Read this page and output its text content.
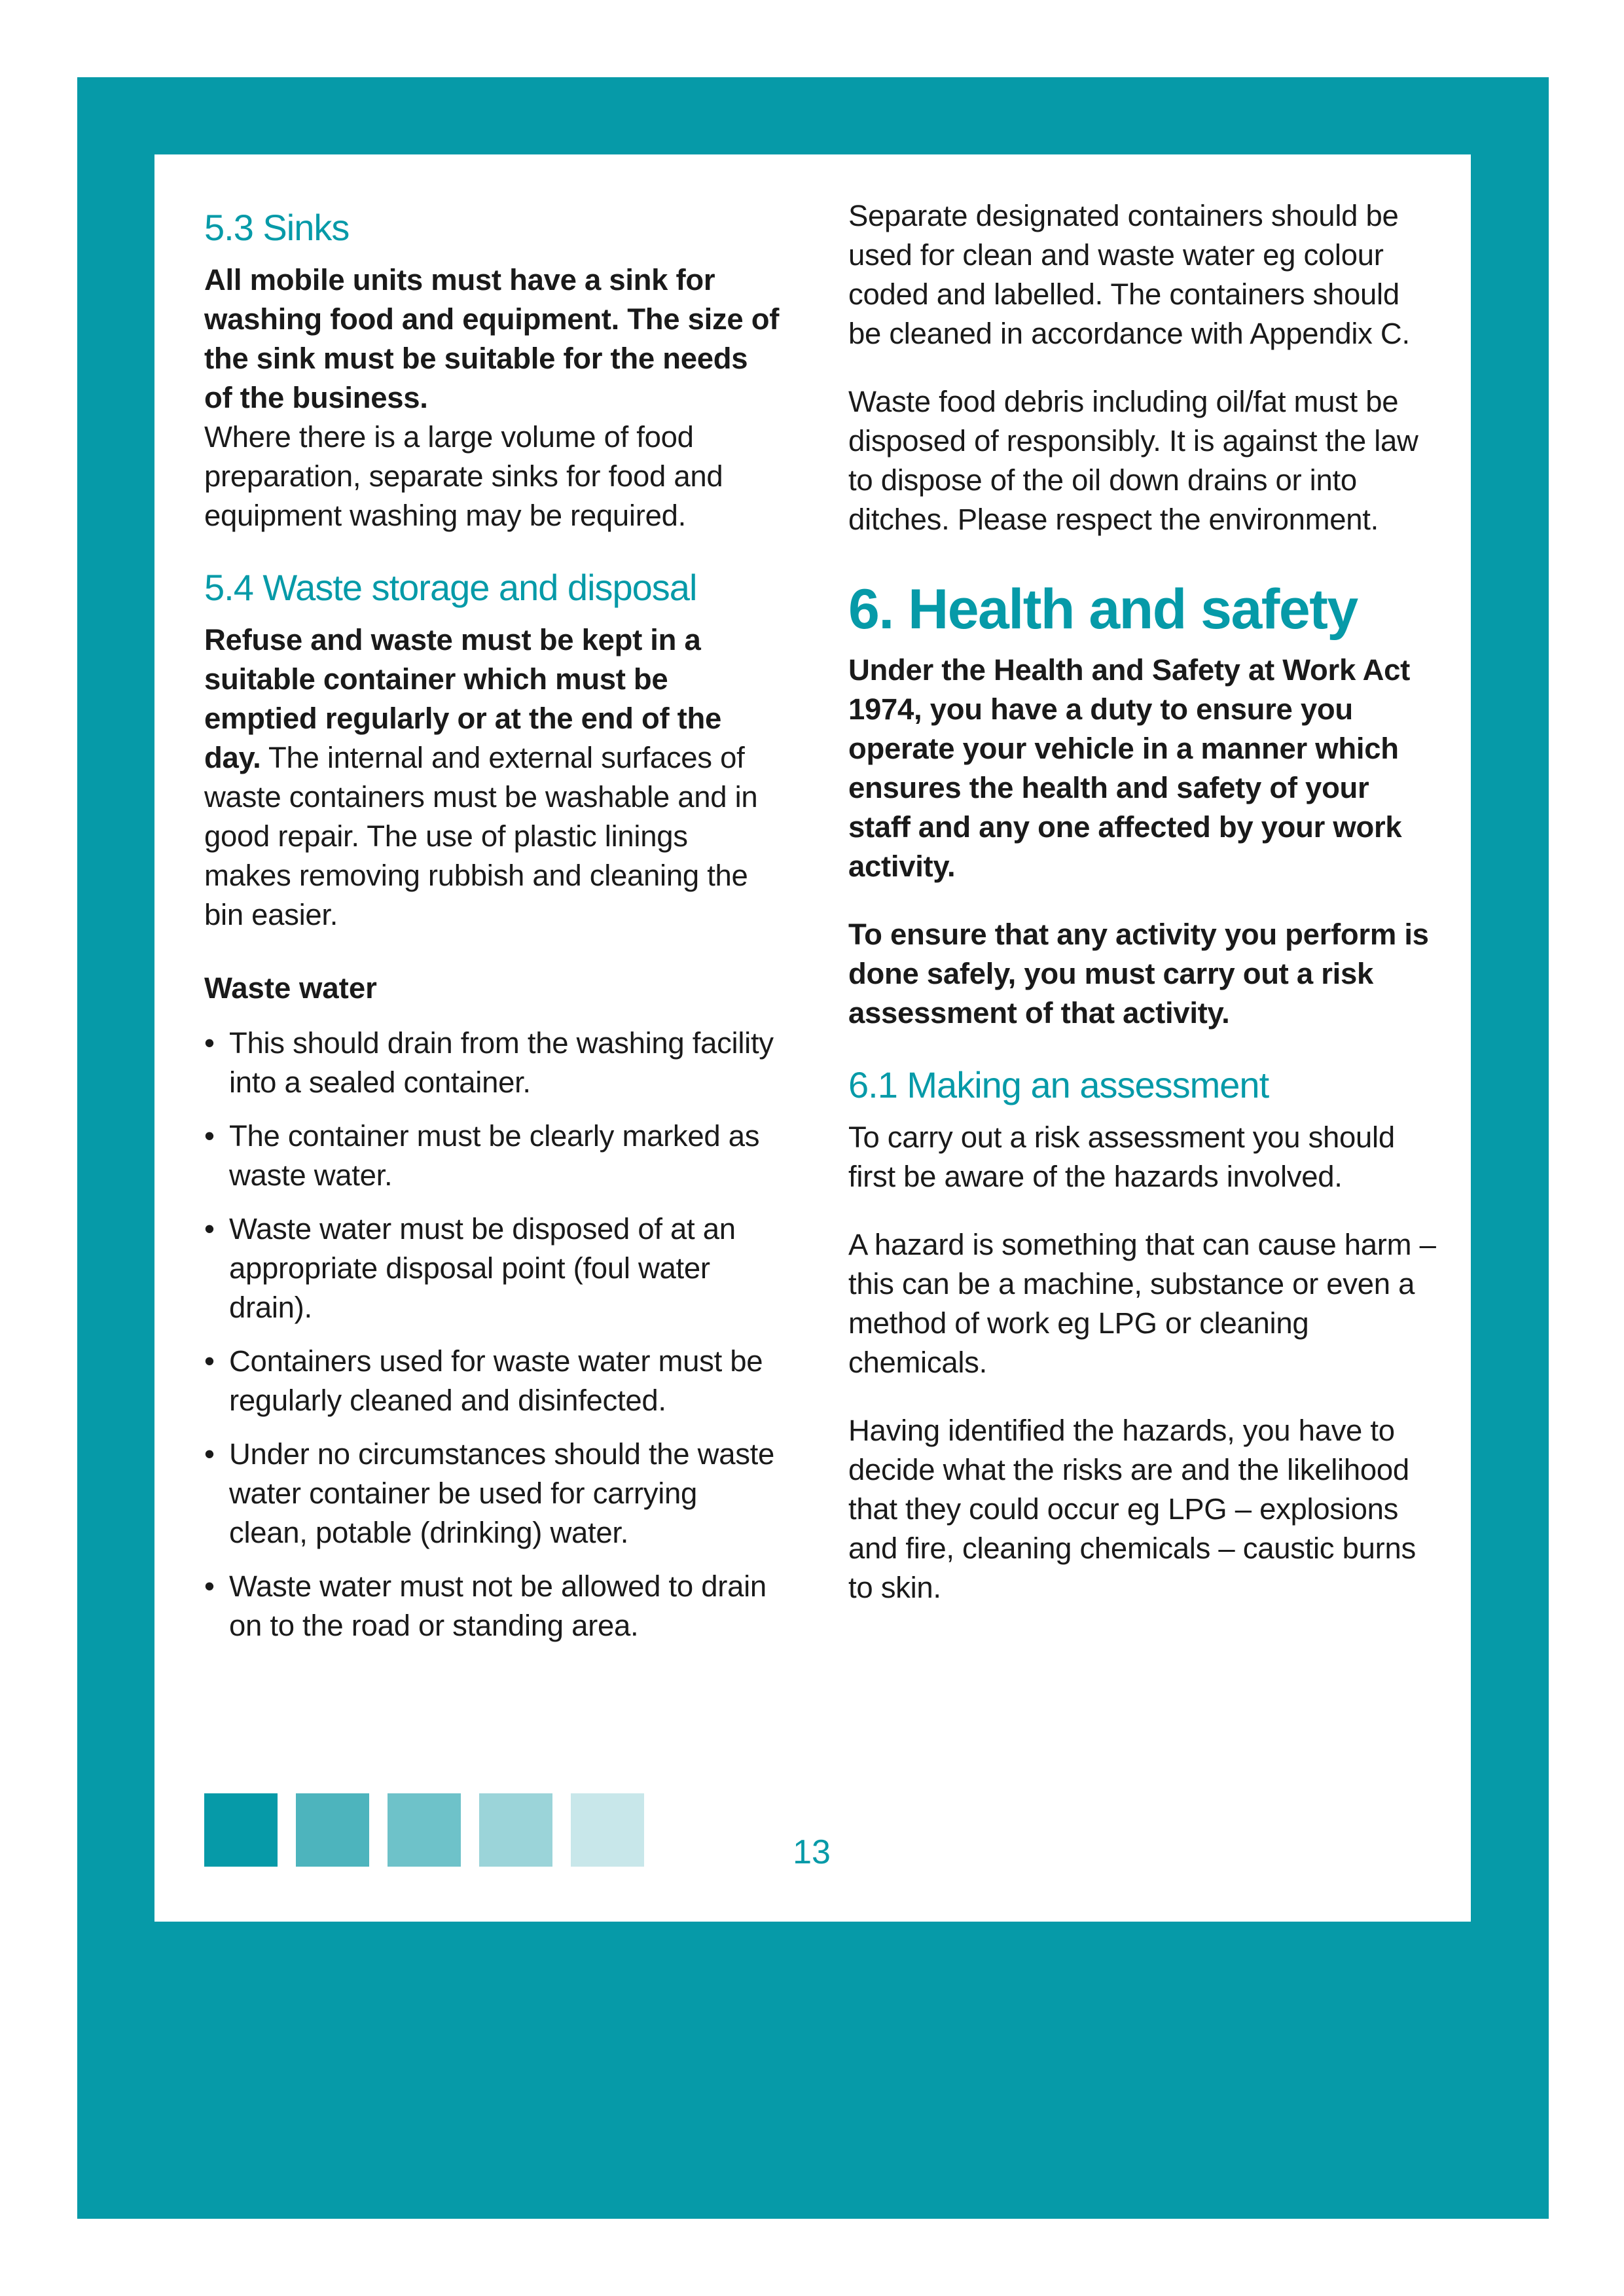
5.3 Sinks

All mobile units must have a sink for washing food and equipment. The size of the sink must be suitable for the needs of the business.
Where there is a large volume of food preparation, separate sinks for food and equipment washing may be required.

5.4 Waste storage and disposal

Refuse and waste must be kept in a suitable container which must be emptied regularly or at the end of the day. The internal and external surfaces of waste containers must be washable and in good repair. The use of plastic linings makes removing rubbish and cleaning the bin easier.

Waste water
• This should drain from the washing facility into a sealed container.
• The container must be clearly marked as waste water.
• Waste water must be disposed of at an appropriate disposal point (foul water drain).
• Containers used for waste water must be regularly cleaned and disinfected.
• Under no circumstances should the waste water container be used for carrying clean, potable (drinking) water.
• Waste water must not be allowed to drain on to the road or standing area.

Separate designated containers should be used for clean and waste water eg colour coded and labelled. The containers should be cleaned in accordance with Appendix C.

Waste food debris including oil/fat must be disposed of responsibly. It is against the law to dispose of the oil down drains or into ditches. Please respect the environment.

6. Health and safety

Under the Health and Safety at Work Act 1974, you have a duty to ensure you operate your vehicle in a manner which ensures the health and safety of your staff and any one affected by your work activity.

To ensure that any activity you perform is done safely, you must carry out a risk assessment of that activity.

6.1 Making an assessment

To carry out a risk assessment you should first be aware of the hazards involved.

A hazard is something that can cause harm – this can be a machine, substance or even a method of work eg LPG or cleaning chemicals.

Having identified the hazards, you have to decide what the risks are and the likelihood that they could occur eg LPG – explosions and fire, cleaning chemicals – caustic burns to skin.

13
